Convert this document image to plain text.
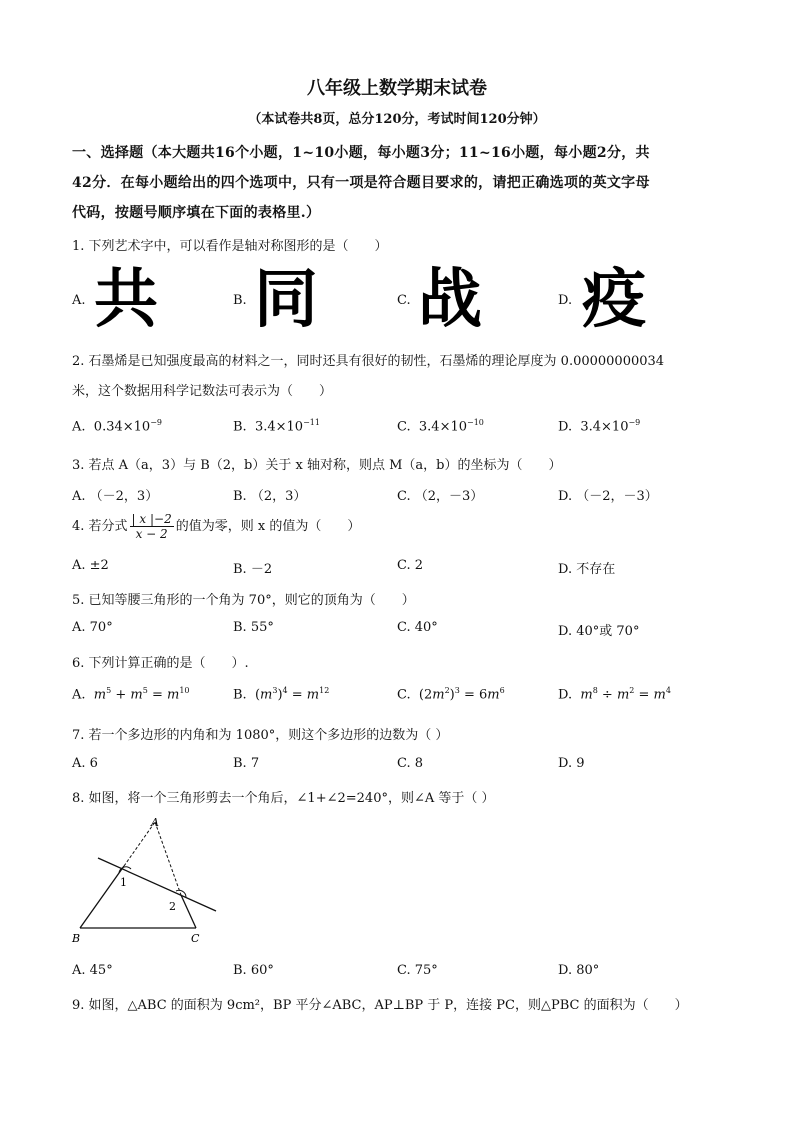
八年级上数学期末试卷
（本试卷共8页，总分120分，考试时间120分钟）
一、选择题（本大题共16个小题，1~10小题，每小题3分；11~16小题，每小题2分，共
42分．在每小题给出的四个选项中，只有一项是符合题目要求的，请把正确选项的英文字母
代码，按题号顺序填在下面的表格里.）
1. 下列艺术字中，可以看作是轴对称图形的是（　　）
A. 共	B. 同	C. 战	D. 疫
2. 石墨烯是已知强度最高的材料之一，同时还具有很好的韧性，石墨烯的理论厚度为 0.00000000034
米，这个数据用科学记数法可表示为（　　）
A. $0.34\times 10^{-9}$	B. $3.4\times 10^{-11}$	C. $3.4\times 10^{-10}$	D. $3.4\times 10^{-9}$
3. 若点 A（a，3）与 B（2，b）关于 x 轴对称，则点 M（a，b）的坐标为（　　）
A. （－2，3）	B. （2，3）	C. （2，－3）	D. （－2，－3）
4. 若分式 $\frac{| x |-2}{x - 2}$ 的值为零，则 x 的值为（　　）
A. ±2	B. －2	C. 2	D. 不存在
5. 已知等腰三角形的一个角为 70°，则它的顶角为（　　）
A. 70°	B. 55°	C. 40°	D. 40°或 70°
6. 下列计算正确的是（　　）.
A. $m^5 + m^5 = m^{10}$	B.  $(m^3)^4 = m^{12}$	C.  $(2m^2)^3 = 6m^6$	D. $m^8 \div m^2 = m^4$
7. 若一个多边形的内角和为 1080°，则这个多边形的边数为（ ）
A. 6	B. 7	C. 8	D. 9
8. 如图，将一个三角形剪去一个角后，∠1+∠2=240°，则∠A 等于（ ）
A
B	C
1
2
A. 45°	B. 60°	C. 75°	D. 80°
9. 如图，△ABC 的面积为 9cm²，BP 平分∠ABC，AP⊥BP 于 P，连接 PC，则△PBC 的面积为（　　）
